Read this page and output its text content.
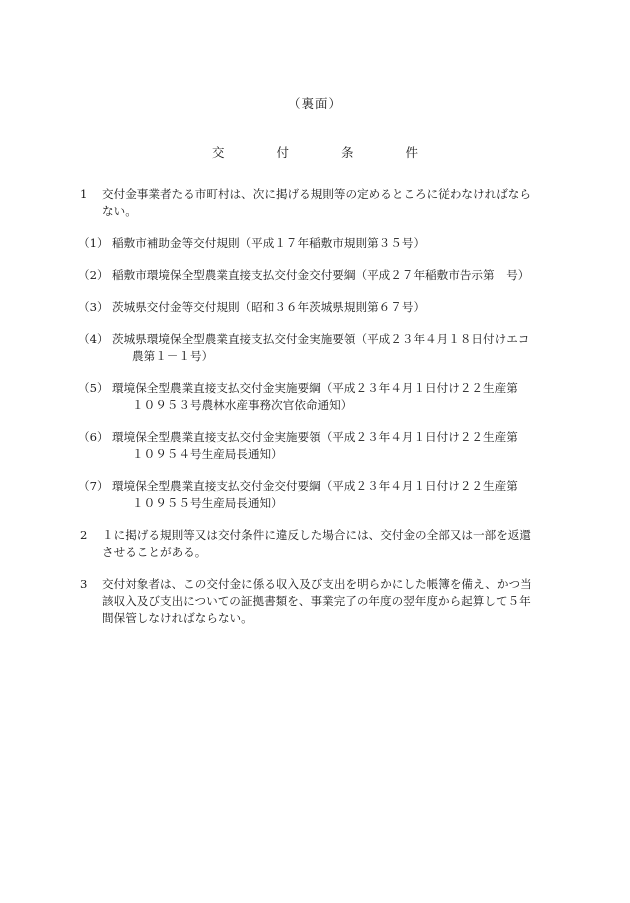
（裏面）
交	付	条	件
1	交付金事業者たる市町村は、次に掲げる規則等の定めるところに従わなければなら
ない。
（1） 稲敷市補助金等交付規則（平成１７年稲敷市規則第３５号）
（2） 稲敷市環境保全型農業直接支払交付金交付要綱（平成２７年稲敷市告示第　号）
（3） 茨城県交付金等交付規則（昭和３６年茨城県規則第６７号）
（4） 茨城県環境保全型農業直接支払交付金実施要領（平成２３年４月１８日付けエコ
農第１－１号）
（5） 環境保全型農業直接支払交付金実施要綱（平成２３年４月１日付け２２生産第
１０９５３号農林水産事務次官依命通知）
（6） 環境保全型農業直接支払交付金実施要領（平成２３年４月１日付け２２生産第
１０９５４号生産局長通知）
（7） 環境保全型農業直接支払交付金交付要綱（平成２３年４月１日付け２２生産第
１０９５５号生産局長通知）
2	１に掲げる規則等又は交付条件に違反した場合には、交付金の全部又は一部を返還
させることがある。
3	交付対象者は、この交付金に係る収入及び支出を明らかにした帳簿を備え、かつ当
該収入及び支出についての証拠書類を、事業完了の年度の翌年度から起算して５年
間保管しなければならない。
